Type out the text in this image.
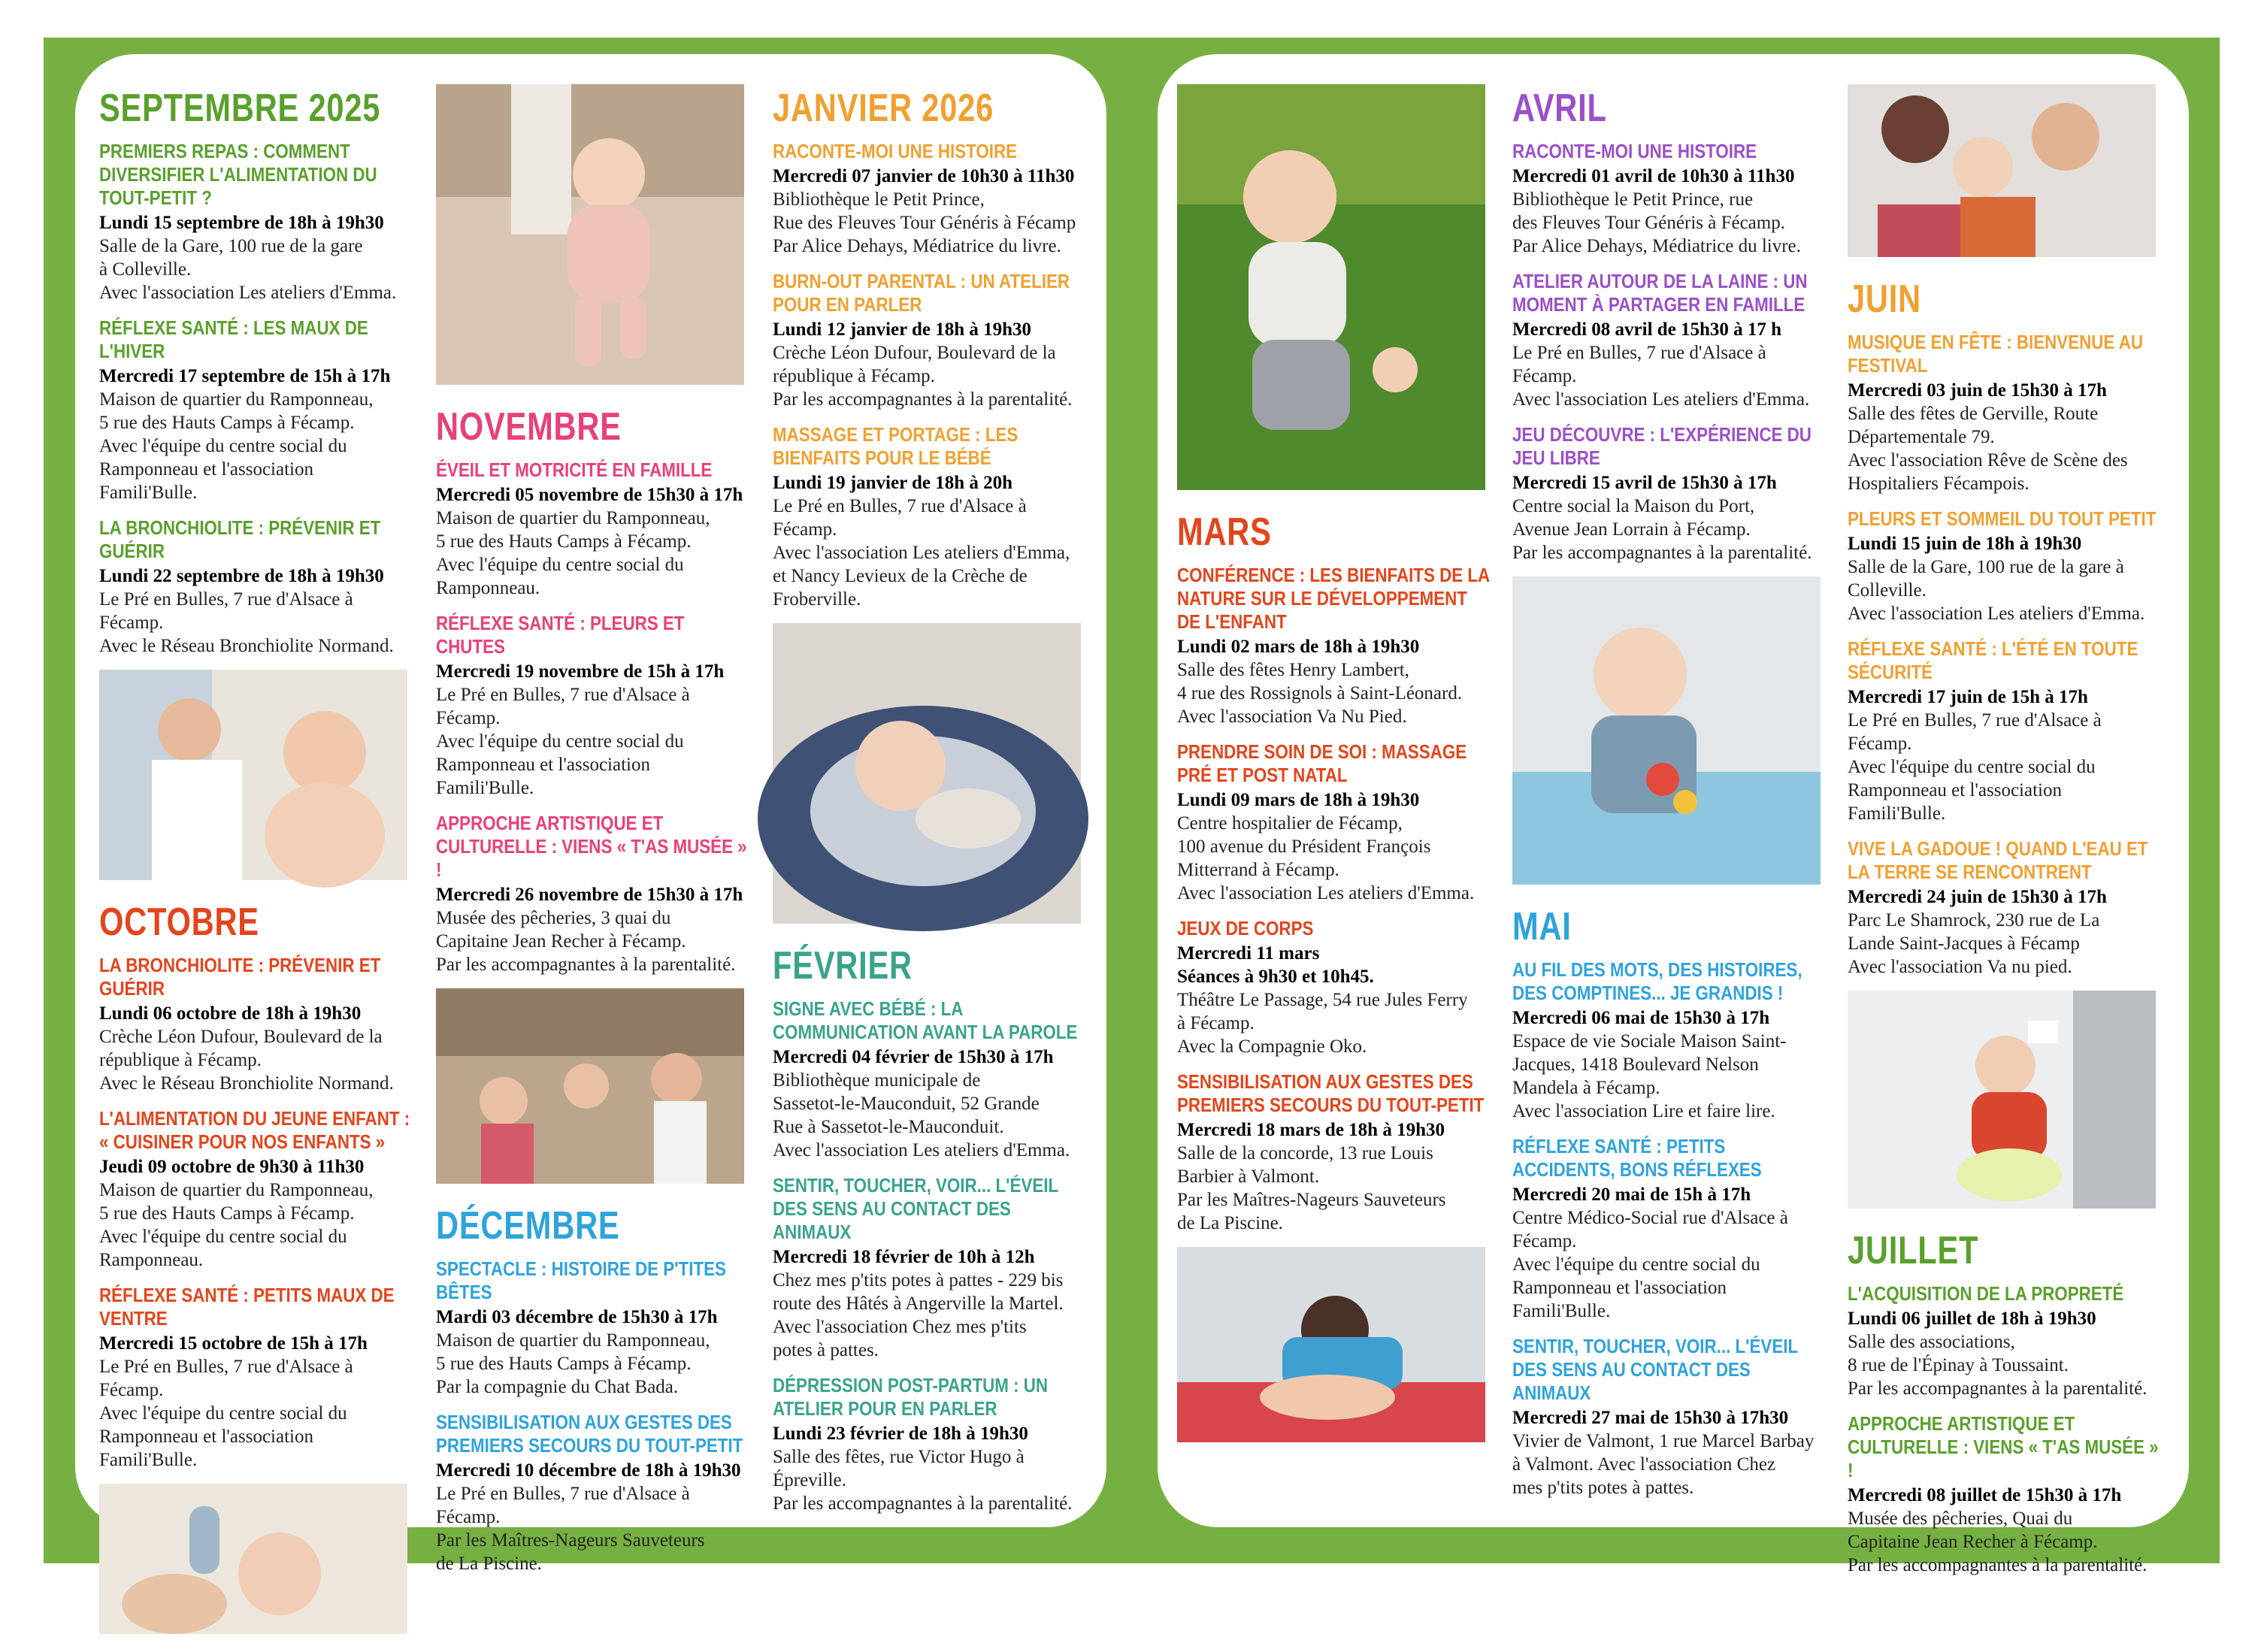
SEPTEMBRE 2025
PREMIERS REPAS : COMMENT DIVERSIFIER L'ALIMENTATION DU TOUT-PETIT ?
Lundi 15 septembre de 18h à 19h30
Salle de la Gare, 100 rue de la gare
à Colleville.
Avec l'association Les ateliers d'Emma.
RÉFLEXE SANTÉ : LES MAUX DE L'HIVER
Mercredi 17 septembre de 15h à 17h
Maison de quartier du Ramponneau,
5 rue des Hauts Camps à Fécamp.
Avec l'équipe du centre social du
Ramponneau et l'association
Famili'Bulle.
LA BRONCHIOLITE : PRÉVENIR ET GUÉRIR
Lundi 22 septembre de 18h à 19h30
Le Pré en Bulles, 7 rue d'Alsace à Fécamp.
Avec le Réseau Bronchiolite Normand.
OCTOBRE
LA BRONCHIOLITE : PRÉVENIR ET GUÉRIR
Lundi 06 octobre de 18h à 19h30
Crèche Léon Dufour, Boulevard de la
république à Fécamp.
Avec le Réseau Bronchiolite Normand.
L'ALIMENTATION DU JEUNE ENFANT : « CUISINER POUR NOS ENFANTS »
Jeudi 09 octobre de 9h30 à 11h30
Maison de quartier du Ramponneau,
5 rue des Hauts Camps à Fécamp.
Avec l'équipe du centre social du
Ramponneau.
RÉFLEXE SANTÉ : PETITS MAUX DE VENTRE
Mercredi 15 octobre de 15h à 17h
Le Pré en Bulles, 7 rue d'Alsace à Fécamp.
Avec l'équipe du centre social du
Ramponneau et l'association
Famili'Bulle.
NOVEMBRE
ÉVEIL ET MOTRICITÉ EN FAMILLE
Mercredi 05 novembre de 15h30 à 17h
Maison de quartier du Ramponneau,
5 rue des Hauts Camps à Fécamp.
Avec l'équipe du centre social du
Ramponneau.
RÉFLEXE SANTÉ : PLEURS ET CHUTES
Mercredi 19 novembre de 15h à 17h
Le Pré en Bulles, 7 rue d'Alsace à Fécamp.
Avec l'équipe du centre social du
Ramponneau et l'association
Famili'Bulle.
APPROCHE ARTISTIQUE ET CULTURELLE : VIENS « T'AS MUSÉE » !
Mercredi 26 novembre de 15h30 à 17h
Musée des pêcheries, 3 quai du
Capitaine Jean Recher à Fécamp.
Par les accompagnantes à la parentalité.
DÉCEMBRE
SPECTACLE : HISTOIRE DE P'TITES BÊTES
Mardi 03 décembre de 15h30 à 17h
Maison de quartier du Ramponneau,
5 rue des Hauts Camps à Fécamp.
Par la compagnie du Chat Bada.
SENSIBILISATION AUX GESTES DES PREMIERS SECOURS DU TOUT-PETIT
Mercredi 10 décembre de 18h à 19h30
Le Pré en Bulles, 7 rue d'Alsace à Fécamp.
Par les Maîtres-Nageurs Sauveteurs
de La Piscine.
JANVIER 2026
RACONTE-MOI UNE HISTOIRE
Mercredi 07 janvier de 10h30 à 11h30
Bibliothèque le Petit Prince,
Rue des Fleuves Tour Généris à Fécamp
Par Alice Dehays, Médiatrice du livre.
BURN-OUT PARENTAL : UN ATELIER POUR EN PARLER
Lundi 12 janvier de 18h à 19h30
Crèche Léon Dufour, Boulevard de la
république à Fécamp.
Par les accompagnantes à la parentalité.
MASSAGE ET PORTAGE : LES BIENFAITS POUR LE BÉBÉ
Lundi 19 janvier de 18h à 20h
Le Pré en Bulles, 7 rue d'Alsace à Fécamp.
Avec l'association Les ateliers d'Emma,
et Nancy Levieux de la Crèche de
Froberville.
FÉVRIER
SIGNE AVEC BÉBÉ : LA COMMUNICATION AVANT LA PAROLE
Mercredi 04 février de 15h30 à 17h
Bibliothèque municipale de
Sassetot-le-Mauconduit, 52 Grande
Rue à Sassetot-le-Mauconduit.
Avec l'association Les ateliers d'Emma.
SENTIR, TOUCHER, VOIR... L'ÉVEIL DES SENS AU CONTACT DES ANIMAUX
Mercredi 18 février de 10h à 12h
Chez mes p'tits potes à pattes - 229 bis
route des Hâtés à Angerville la Martel.
Avec l'association Chez mes p'tits
potes à pattes.
DÉPRESSION POST-PARTUM : UN ATELIER POUR EN PARLER
Lundi 23 février de 18h à 19h30
Salle des fêtes, rue Victor Hugo à
Épreville.
Par les accompagnantes à la parentalité.
MARS
CONFÉRENCE : LES BIENFAITS DE LA NATURE SUR LE DÉVELOPPEMENT DE L'ENFANT
Lundi 02 mars de 18h à 19h30
Salle des fêtes Henry Lambert,
4 rue des Rossignols à Saint-Léonard.
Avec l'association Va Nu Pied.
PRENDRE SOIN DE SOI : MASSAGE PRÉ ET POST NATAL
Lundi 09 mars de 18h à 19h30
Centre hospitalier de Fécamp,
100 avenue du Président François
Mitterrand à Fécamp.
Avec l'association Les ateliers d'Emma.
JEUX DE CORPS
Mercredi 11 mars
Séances à 9h30 et 10h45.
Théâtre Le Passage, 54 rue Jules Ferry
à Fécamp.
Avec la Compagnie Oko.
SENSIBILISATION AUX GESTES DES PREMIERS SECOURS DU TOUT-PETIT
Mercredi 18 mars de 18h à 19h30
Salle de la concorde, 13 rue Louis
Barbier à Valmont.
Par les Maîtres-Nageurs Sauveteurs
de La Piscine.
AVRIL
RACONTE-MOI UNE HISTOIRE
Mercredi 01 avril de 10h30 à 11h30
Bibliothèque le Petit Prince, rue
des Fleuves Tour Généris à Fécamp.
Par Alice Dehays, Médiatrice du livre.
ATELIER AUTOUR DE LA LAINE : UN MOMENT À PARTAGER EN FAMILLE
Mercredi 08 avril de 15h30 à 17 h
Le Pré en Bulles, 7 rue d'Alsace à Fécamp.
Avec l'association Les ateliers d'Emma.
JEU DÉCOUVRE : L'EXPÉRIENCE DU JEU LIBRE
Mercredi 15 avril de 15h30 à 17h
Centre social la Maison du Port,
Avenue Jean Lorrain à Fécamp.
Par les accompagnantes à la parentalité.
MAI
AU FIL DES MOTS, DES HISTOIRES, DES COMPTINES... JE GRANDIS !
Mercredi 06 mai de 15h30 à 17h
Espace de vie Sociale Maison Saint-
Jacques, 1418 Boulevard Nelson
Mandela à Fécamp.
Avec l'association Lire et faire lire.
RÉFLEXE SANTÉ : PETITS ACCIDENTS, BONS RÉFLEXES
Mercredi 20 mai de 15h à 17h
Centre Médico-Social rue d'Alsace à
Fécamp.
Avec l'équipe du centre social du
Ramponneau et l'association
Famili'Bulle.
SENTIR, TOUCHER, VOIR... L'ÉVEIL DES SENS AU CONTACT DES ANIMAUX
Mercredi 27 mai de 15h30 à 17h30
Vivier de Valmont, 1 rue Marcel Barbay
à Valmont. Avec l'association Chez
mes p'tits potes à pattes.
JUIN
MUSIQUE EN FÊTE : BIENVENUE AU FESTIVAL
Mercredi 03 juin de 15h30 à 17h
Salle des fêtes de Gerville, Route
Départementale 79.
Avec l'association Rêve de Scène des
Hospitaliers Fécampois.
PLEURS ET SOMMEIL DU TOUT PETIT
Lundi 15 juin de 18h à 19h30
Salle de la Gare, 100 rue de la gare à
Colleville.
Avec l'association Les ateliers d'Emma.
RÉFLEXE SANTÉ : L'ÉTÉ EN TOUTE SÉCURITÉ
Mercredi 17 juin de 15h à 17h
Le Pré en Bulles, 7 rue d'Alsace à Fécamp.
Avec l'équipe du centre social du
Ramponneau et l'association
Famili'Bulle.
VIVE LA GADOUE ! QUAND L'EAU ET LA TERRE SE RENCONTRENT
Mercredi 24 juin de 15h30 à 17h
Parc Le Shamrock, 230 rue de La
Lande Saint-Jacques à Fécamp
Avec l'association Va nu pied.
JUILLET
L'ACQUISITION DE LA PROPRETÉ
Lundi 06 juillet de 18h à 19h30
Salle des associations,
8 rue de l'Épinay à Toussaint.
Par les accompagnantes à la parentalité.
APPROCHE ARTISTIQUE ET CULTURELLE : VIENS « T'AS MUSÉE » !
Mercredi 08 juillet de 15h30 à 17h
Musée des pêcheries, Quai du
Capitaine Jean Recher à Fécamp.
Par les accompagnantes à la parentalité.
